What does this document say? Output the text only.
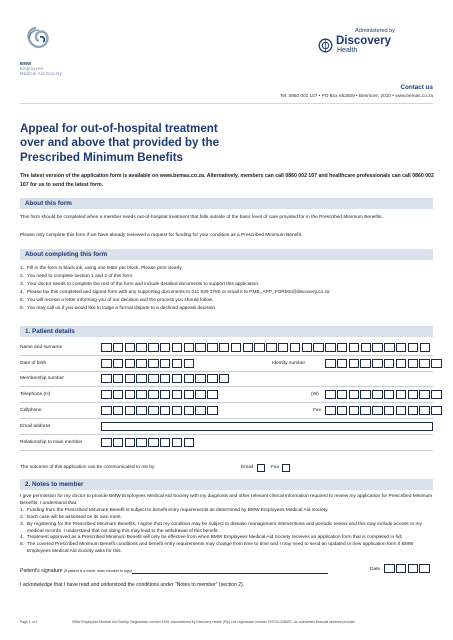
BMW
Employees
Medical Aid Society
Administered by
Discovery
Health
Contact us
Tel: 0860 002 107 • PO Box 652509 • Benmore, 2010 • www.bemas.co.za
Appeal for out-of-hospital treatment
over and above that provided by the
Prescribed Minimum Benefits
The latest version of the application form is available on www.bemas.co.za. Alternatively, members can call 0860 002 107 and healthcare professionals can call 0860 002 107 for us to send the latest form.
About this form
This form should be completed when a member needs out-of-hospital treatment that falls outside of the basic level of care provided for in the Prescribed Minimum Benefits.
Please only complete this form if we have already reviewed a request for funding for your condition as a Prescribed Minimum Benefit.
About completing this form
1. Fill in the form in black ink, using one letter per block. Please print clearly.
2. You need to complete section 1 and 2 of this form.
3. Your doctor needs to complete the rest of the form and include detailed documents to support this application.
4. Please fax this completed and signed form with any supporting documents to 011 539 2780 or email it to PMB_APP_FORMS@discovery.co.za
5. You will receive a letter informing you of our decision and the process you should follow.
6. You may call us if you would like to lodge a formal dispute to a declined appeals decision.
1. Patient details
Name and surname
Date of birth	Identity number
Membership number
Telephone (H)	(W)
Cellphone	Fax
Email address
Relationship to main member
The outcome of this application can be communicated to me by	Email	Fax
2. Notes to member
I give permission for my doctor to provide BMW Employees Medical Aid Society with my diagnosis and other relevant clinical information required to review my application for Prescribed Minimum Benefits. I understand that:
1. Funding from the Prescribed Minimum Benefit is subject to benefit entry requirements as determined by BMW Employees Medical Aid Society.
2. Each case will be assessed on its own merit.
3. By registering for the Prescribed Minimum Benefits, I agree that my condition may be subject to disease management interventions and periodic review and this may include access to my medical records. I understand that not doing this may lead to the withdrawal of this benefit.
4. Treatment approved as a Prescribed Minimum Benefit will only be effective from when BMW Employees Medical Aid Society receives an application form that is completed in full.
5. The covered Prescribed Minimum Benefit conditions and benefit entry requirements may change from time to time and I may need to send an updated or new application form if BMW Employees Medical Aid Society asks for this.
Patient's signature (if patient is a minor, main member to sign)	Date
I acknowledge that I have read and understood the conditions under "Notes to member" (section 2).
Page 1 of 3	BMW Employees Medical Aid Society. Registration number 1526. Administered by Discovery Health (Pty) Ltd; registration number 1997/013480/07. An authorised financial services provider.
